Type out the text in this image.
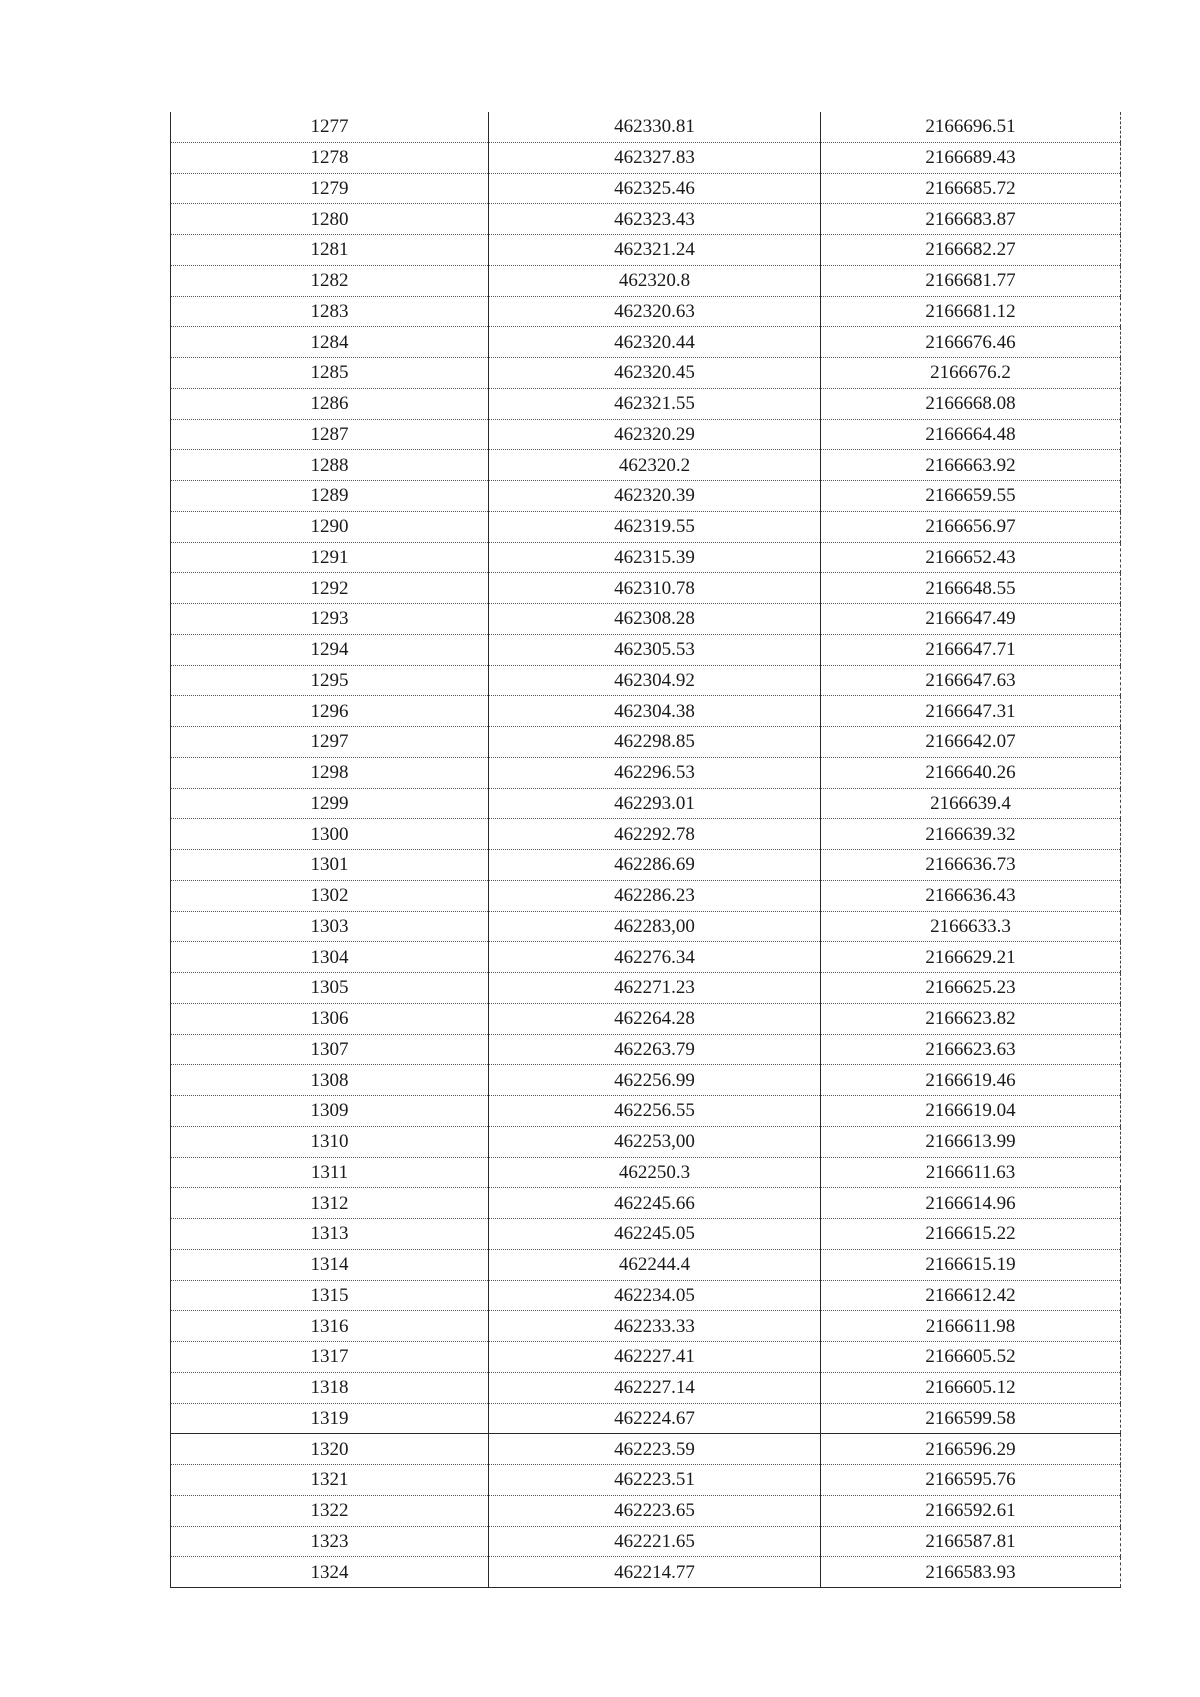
1277	462330.81	2166696.51
1278	462327.83	2166689.43
1279	462325.46	2166685.72
1280	462323.43	2166683.87
1281	462321.24	2166682.27
1282	462320.8	2166681.77
1283	462320.63	2166681.12
1284	462320.44	2166676.46
1285	462320.45	2166676.2
1286	462321.55	2166668.08
1287	462320.29	2166664.48
1288	462320.2	2166663.92
1289	462320.39	2166659.55
1290	462319.55	2166656.97
1291	462315.39	2166652.43
1292	462310.78	2166648.55
1293	462308.28	2166647.49
1294	462305.53	2166647.71
1295	462304.92	2166647.63
1296	462304.38	2166647.31
1297	462298.85	2166642.07
1298	462296.53	2166640.26
1299	462293.01	2166639.4
1300	462292.78	2166639.32
1301	462286.69	2166636.73
1302	462286.23	2166636.43
1303	462283,00	2166633.3
1304	462276.34	2166629.21
1305	462271.23	2166625.23
1306	462264.28	2166623.82
1307	462263.79	2166623.63
1308	462256.99	2166619.46
1309	462256.55	2166619.04
1310	462253,00	2166613.99
1311	462250.3	2166611.63
1312	462245.66	2166614.96
1313	462245.05	2166615.22
1314	462244.4	2166615.19
1315	462234.05	2166612.42
1316	462233.33	2166611.98
1317	462227.41	2166605.52
1318	462227.14	2166605.12
1319	462224.67	2166599.58
1320	462223.59	2166596.29
1321	462223.51	2166595.76
1322	462223.65	2166592.61
1323	462221.65	2166587.81
1324	462214.77	2166583.93
